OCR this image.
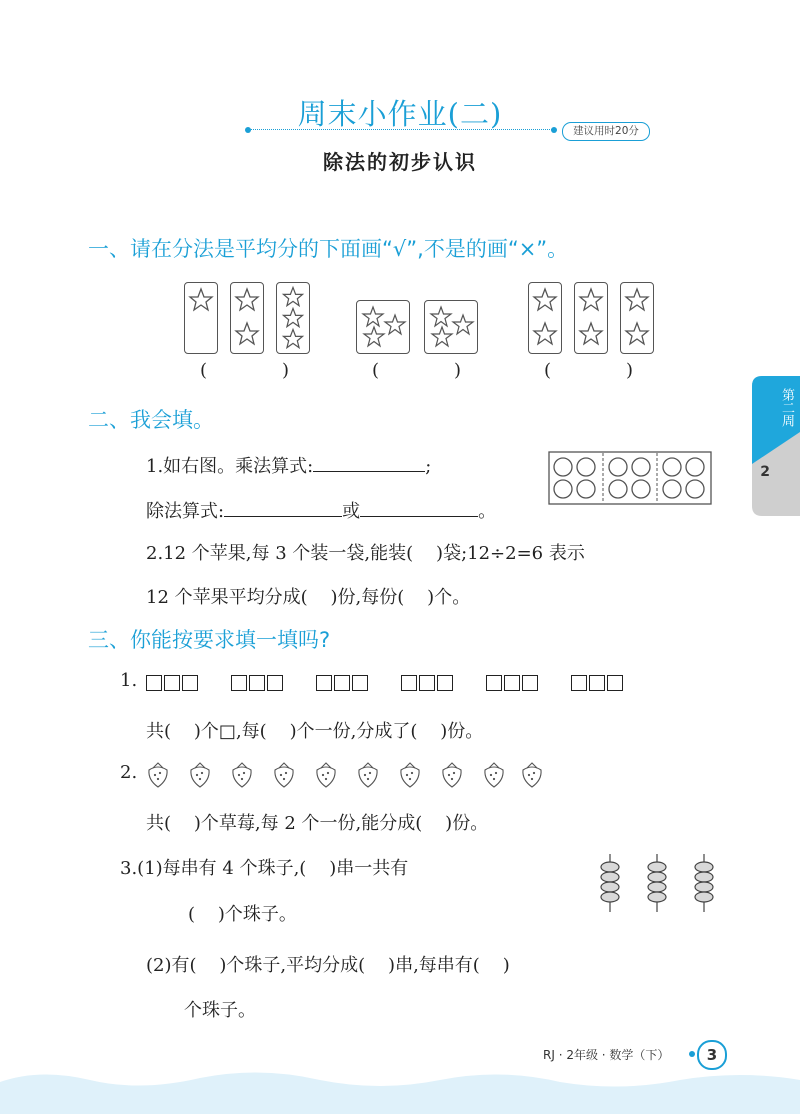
周末小作业(二)	建议用时20分
除法的初步认识
第二周
2
一、请在分法是平均分的下面画“√”,不是的画“×”。
(	)	(	)	(	)
二、我会填。
1.如右图。乘法算式:	;
除法算式:	或	。
2.12 个苹果,每 3 个装一袋,能装(    )袋;12÷2=6 表示
12 个苹果平均分成(    )份,每份(    )个。
三、你能按要求填一填吗?
1.

共(    )个□,每(    )个一份,分成了(    )份。
2.
共(    )个草莓,每 2 个一份,能分成(    )份。
3.(1)每串有 4 个珠子,(    )串一共有
(    )个珠子。
(2)有(    )个珠子,平均分成(    )串,每串有(    )
个珠子。
RJ · 2年级 · 数学（下）	3
